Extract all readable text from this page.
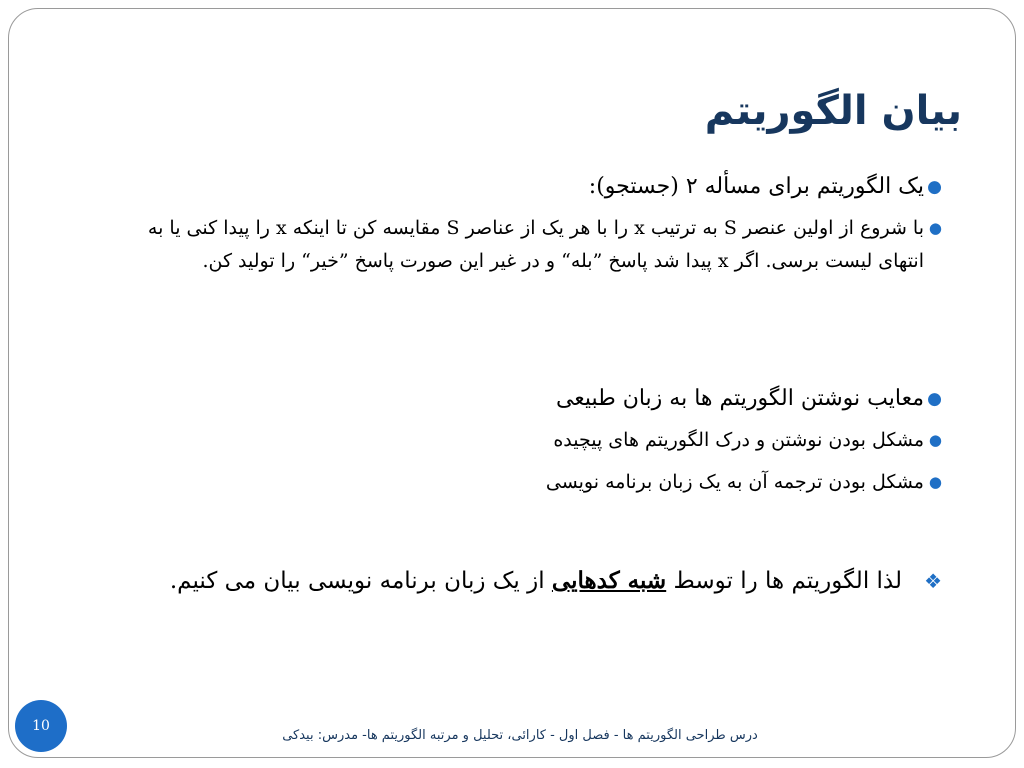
بیان الگوریتم
●
یک الگوریتم برای مسأله ۲ (جستجو):
●
با شروع از اولین عنصر S به ترتیب x را با هر یک از عناصر S مقایسه کن تا اینکه x را پیدا کنی یا به انتهای لیست برسی. اگر x پیدا شد پاسخ ”بله“ و در غیر این صورت پاسخ ”خیر“ را تولید کن.
●
معایب نوشتن الگوریتم ها به زبان طبیعی
●
مشکل بودن نوشتن و درک الگوریتم های پیچیده
●
مشکل بودن ترجمه آن به یک زبان برنامه نویسی
❖
لذا الگوریتم ها را توسط شبه کدهایی از یک زبان برنامه نویسی بیان می کنیم.
10
درس طراحی الگوریتم ها - فصل اول - کارائی، تحلیل و مرتبه الگوریتم ها- مدرس: بیدکی
